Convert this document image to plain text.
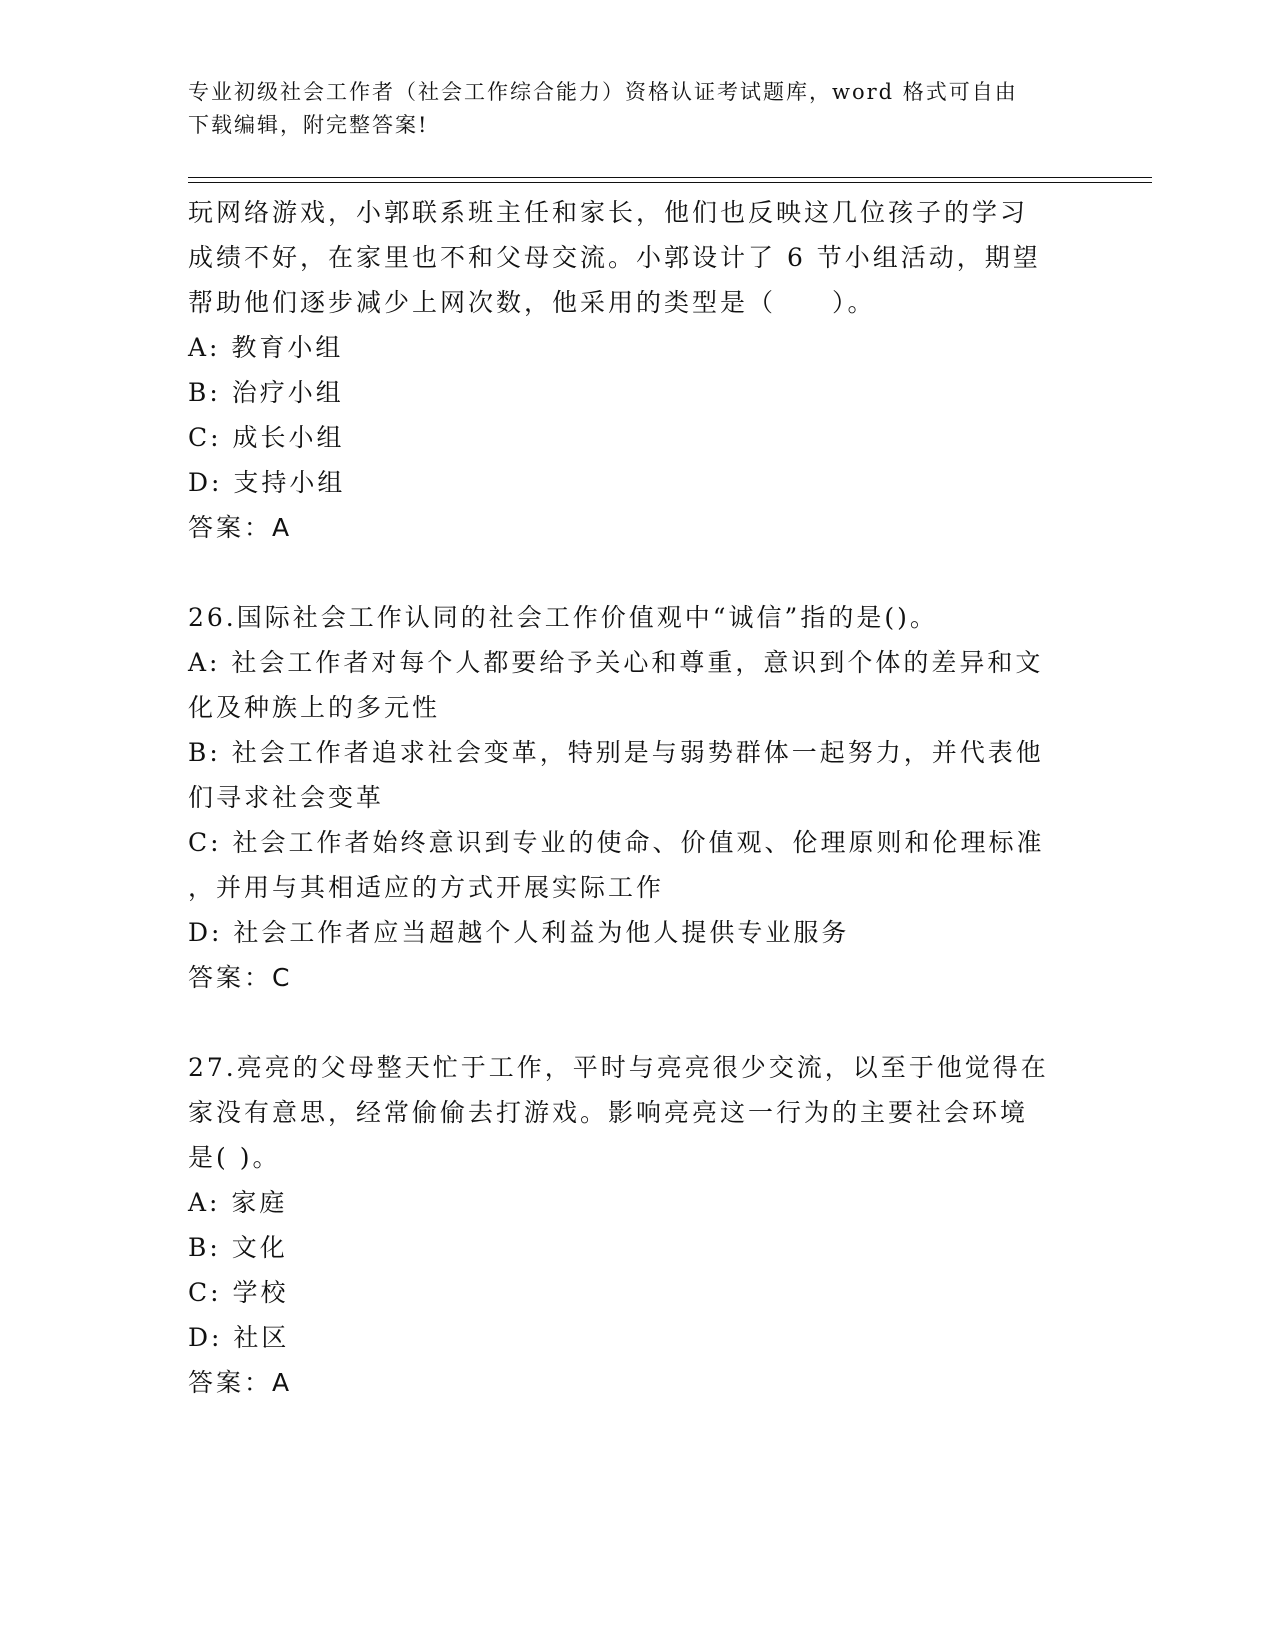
专业初级社会工作者（社会工作综合能力）资格认证考试题库，word 格式可自由
下载编辑，附完整答案!
玩网络游戏，小郭联系班主任和家长，他们也反映这几位孩子的学习
成绩不好，在家里也不和父母交流。小郭设计了 6 节小组活动，期望
帮助他们逐步减少上网次数，他采用的类型是（　　）。
A: 教育小组
B: 治疗小组
C: 成长小组
D: 支持小组
答案：A
26.国际社会工作认同的社会工作价值观中“诚信”指的是()。
A: 社会工作者对每个人都要给予关心和尊重，意识到个体的差异和文
化及种族上的多元性
B: 社会工作者追求社会变革，特别是与弱势群体一起努力，并代表他
们寻求社会变革
C: 社会工作者始终意识到专业的使命、价值观、伦理原则和伦理标准
，并用与其相适应的方式开展实际工作
D: 社会工作者应当超越个人利益为他人提供专业服务
答案：C
27.亮亮的父母整天忙于工作，平时与亮亮很少交流，以至于他觉得在
家没有意思，经常偷偷去打游戏。影响亮亮这一行为的主要社会环境
是( )。
A: 家庭
B: 文化
C: 学校
D: 社区
答案：A
